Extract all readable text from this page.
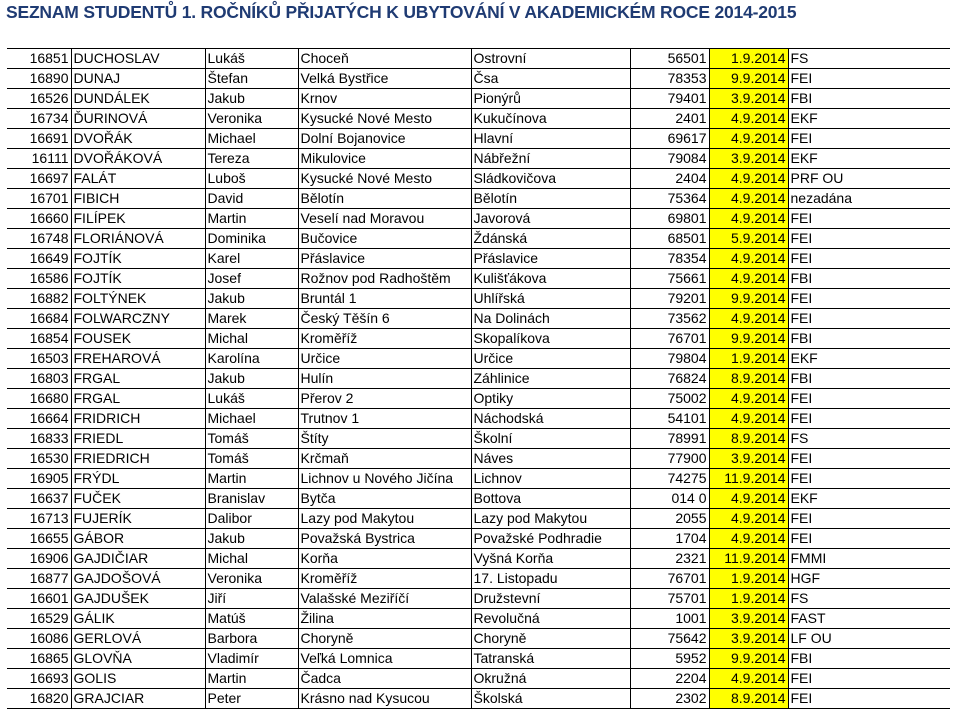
SEZNAM STUDENTŮ 1. ROČNÍKŮ PŘIJATÝCH K UBYTOVÁNÍ V AKADEMICKÉM ROCE 2014-2015

16851	DUCHOSLAV	Lukáš	Choceň	Ostrovní	56501	1.9.2014		FS
16890	DUNAJ	Štefan	Velká Bystřice	Čsa	78353	9.9.2014		FEI
16526	DUNDÁLEK	Jakub	Krnov	Pionýrů	79401	3.9.2014		FBI
16734	ĎURINOVÁ	Veronika	Kysucké Nové Mesto	Kukučínova	2401	4.9.2014		EKF
16691	DVOŘÁK	Michael	Dolní Bojanovice	Hlavní	69617	4.9.2014		FEI
16111	DVOŘÁKOVÁ	Tereza	Mikulovice	Nábřežní	79084	3.9.2014		EKF
16697	FALÁT	Luboš	Kysucké Nové Mesto	Sládkovičova	2404	4.9.2014		PRF OU
16701	FIBICH	David	Bělotín	Bělotín	75364	4.9.2014		nezadána
16660	FILÍPEK	Martin	Veselí nad Moravou	Javorová	69801	4.9.2014		FEI
16748	FLORIÁNOVÁ	Dominika	Bučovice	Ždánská	68501	5.9.2014		FEI
16649	FOJTÍK	Karel	Přáslavice	Přáslavice	78354	4.9.2014		FEI
16586	FOJTÍK	Josef	Rožnov pod Radhoštěm	Kulišťákova	75661	4.9.2014		FBI
16882	FOLTÝNEK	Jakub	Bruntál 1	Uhlířská	79201	9.9.2014		FEI
16684	FOLWARCZNY	Marek	Český Těšín 6	Na Dolinách	73562	4.9.2014		FEI
16854	FOUSEK	Michal	Kroměříž	Skopalíkova	76701	9.9.2014		FBI
16503	FREHAROVÁ	Karolína	Určice	Určice	79804	1.9.2014		EKF
16803	FRGAL	Jakub	Hulín	Záhlinice	76824	8.9.2014		FBI
16680	FRGAL	Lukáš	Přerov 2	Optiky	75002	4.9.2014		FEI
16664	FRIDRICH	Michael	Trutnov 1	Náchodská	54101	4.9.2014		FEI
16833	FRIEDL	Tomáš	Štíty	Školní	78991	8.9.2014		FS
16530	FRIEDRICH	Tomáš	Krčmaň	Náves	77900	3.9.2014		FEI
16905	FRÝDL	Martin	Lichnov u Nového Jičína	Lichnov	74275	11.9.2014		FEI
16637	FUČEK	Branislav	Bytča	Bottova	014 0	4.9.2014		EKF
16713	FUJERÍK	Dalibor	Lazy pod Makytou	Lazy pod Makytou	2055	4.9.2014		FEI
16655	GÁBOR	Jakub	Považská Bystrica	Považské Podhradie	1704	4.9.2014		FEI
16906	GAJDIČIAR	Michal	Korňa	Vyšná Korňa	2321	11.9.2014		FMMI
16877	GAJDOŠOVÁ	Veronika	Kroměříž	17. Listopadu	76701	1.9.2014		HGF
16601	GAJDUŠEK	Jiří	Valašské Meziříčí	Družstevní	75701	1.9.2014		FS
16529	GÁLIK	Matúš	Žilina	Revolučná	1001	3.9.2014		FAST
16086	GERLOVÁ	Barbora	Choryně	Choryně	75642	3.9.2014		LF OU
16865	GLOVŇA	Vladimír	Veľká Lomnica	Tatranská	5952	9.9.2014		FBI
16693	GOLIS	Martin	Čadca	Okružná	2204	4.9.2014		FEI
16820	GRAJCIAR	Peter	Krásno nad Kysucou	Školská	2302	8.9.2014		FEI
